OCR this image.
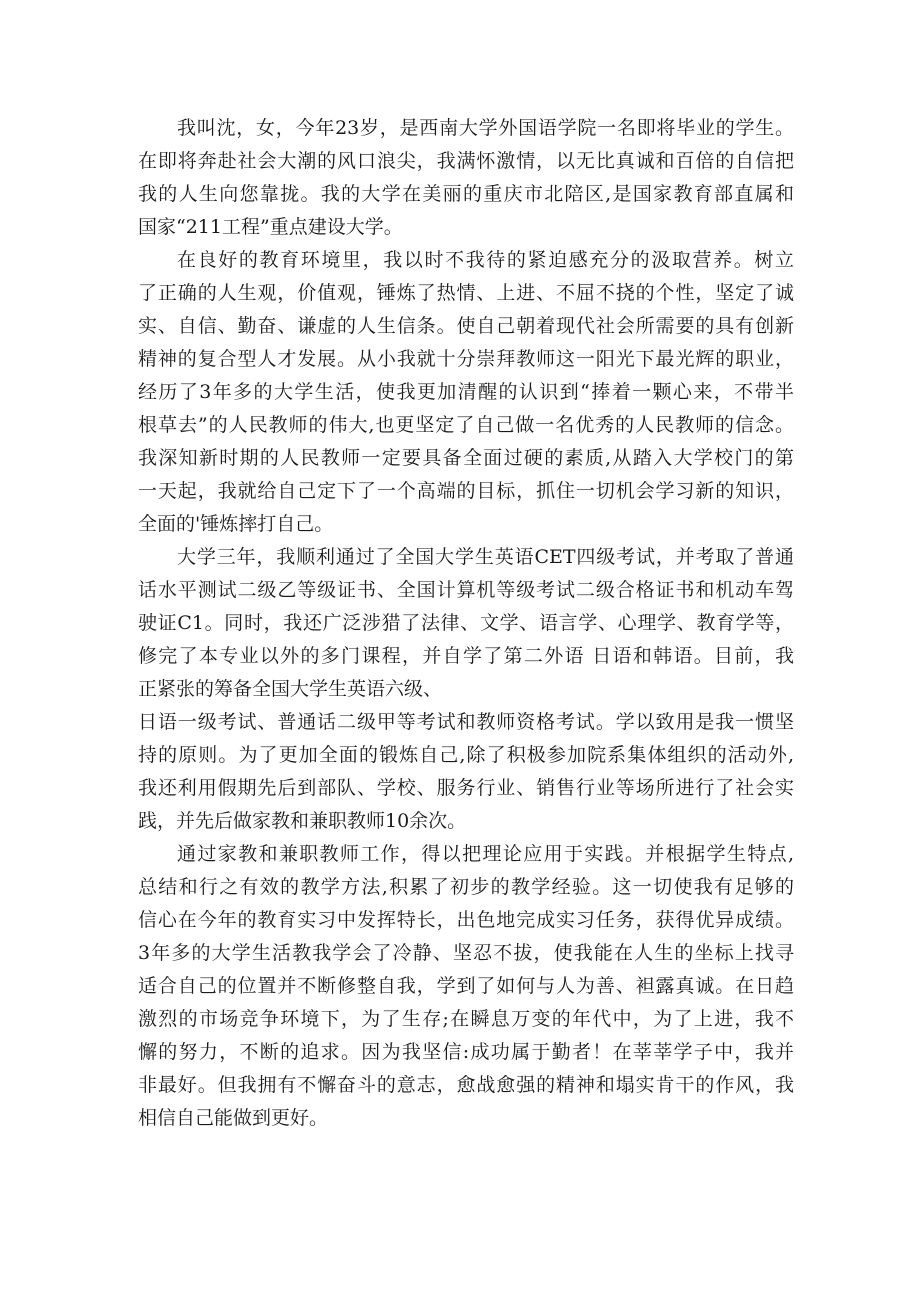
我叫沈，女，今年23岁，是西南大学外国语学院一名即将毕业的学生。
在即将奔赴社会大潮的风口浪尖，我满怀激情，以无比真诚和百倍的自信把
我的人生向您靠拢。我的大学在美丽的重庆市北陪区,是国家教育部直属和
国家“211工程”重点建设大学。
在良好的教育环境里，我以时不我待的紧迫感充分的汲取营养。树立
了正确的人生观，价值观，锤炼了热情、上进、不屈不挠的个性，坚定了诚
实、自信、勤奋、谦虚的人生信条。使自己朝着现代社会所需要的具有创新
精神的复合型人才发展。从小我就十分崇拜教师这一阳光下最光辉的职业，
经历了3年多的大学生活，使我更加清醒的认识到“捧着一颗心来，不带半
根草去”的人民教师的伟大,也更坚定了自己做一名优秀的人民教师的信念。
我深知新时期的人民教师一定要具备全面过硬的素质,从踏入大学校门的第
一天起，我就给自己定下了一个高端的目标，抓住一切机会学习新的知识，
全面的'锤炼摔打自己。
大学三年，我顺利通过了全国大学生英语CET四级考试，并考取了普通
话水平测试二级乙等级证书、全国计算机等级考试二级合格证书和机动车驾
驶证C1。同时，我还广泛涉猎了法律、文学、语言学、心理学、教育学等，
修完了本专业以外的多门课程，并自学了第二外语 日语和韩语。目前，我
正紧张的筹备全国大学生英语六级、
日语一级考试、普通话二级甲等考试和教师资格考试。学以致用是我一惯坚
持的原则。为了更加全面的锻炼自己,除了积极参加院系集体组织的活动外,
我还利用假期先后到部队、学校、服务行业、销售行业等场所进行了社会实
践，并先后做家教和兼职教师10余次。
通过家教和兼职教师工作，得以把理论应用于实践。并根据学生特点,
总结和行之有效的教学方法,积累了初步的教学经验。这一切使我有足够的
信心在今年的教育实习中发挥特长，出色地完成实习任务，获得优异成绩。
3年多的大学生活教我学会了冷静、坚忍不拔，使我能在人生的坐标上找寻
适合自己的位置并不断修整自我，学到了如何与人为善、袒露真诚。在日趋
激烈的市场竞争环境下，为了生存;在瞬息万变的年代中，为了上进，我不
懈的努力，不断的追求。因为我坚信:成功属于勤者！在莘莘学子中，我并
非最好。但我拥有不懈奋斗的意志，愈战愈强的精神和塌实肯干的作风，我
相信自己能做到更好。
